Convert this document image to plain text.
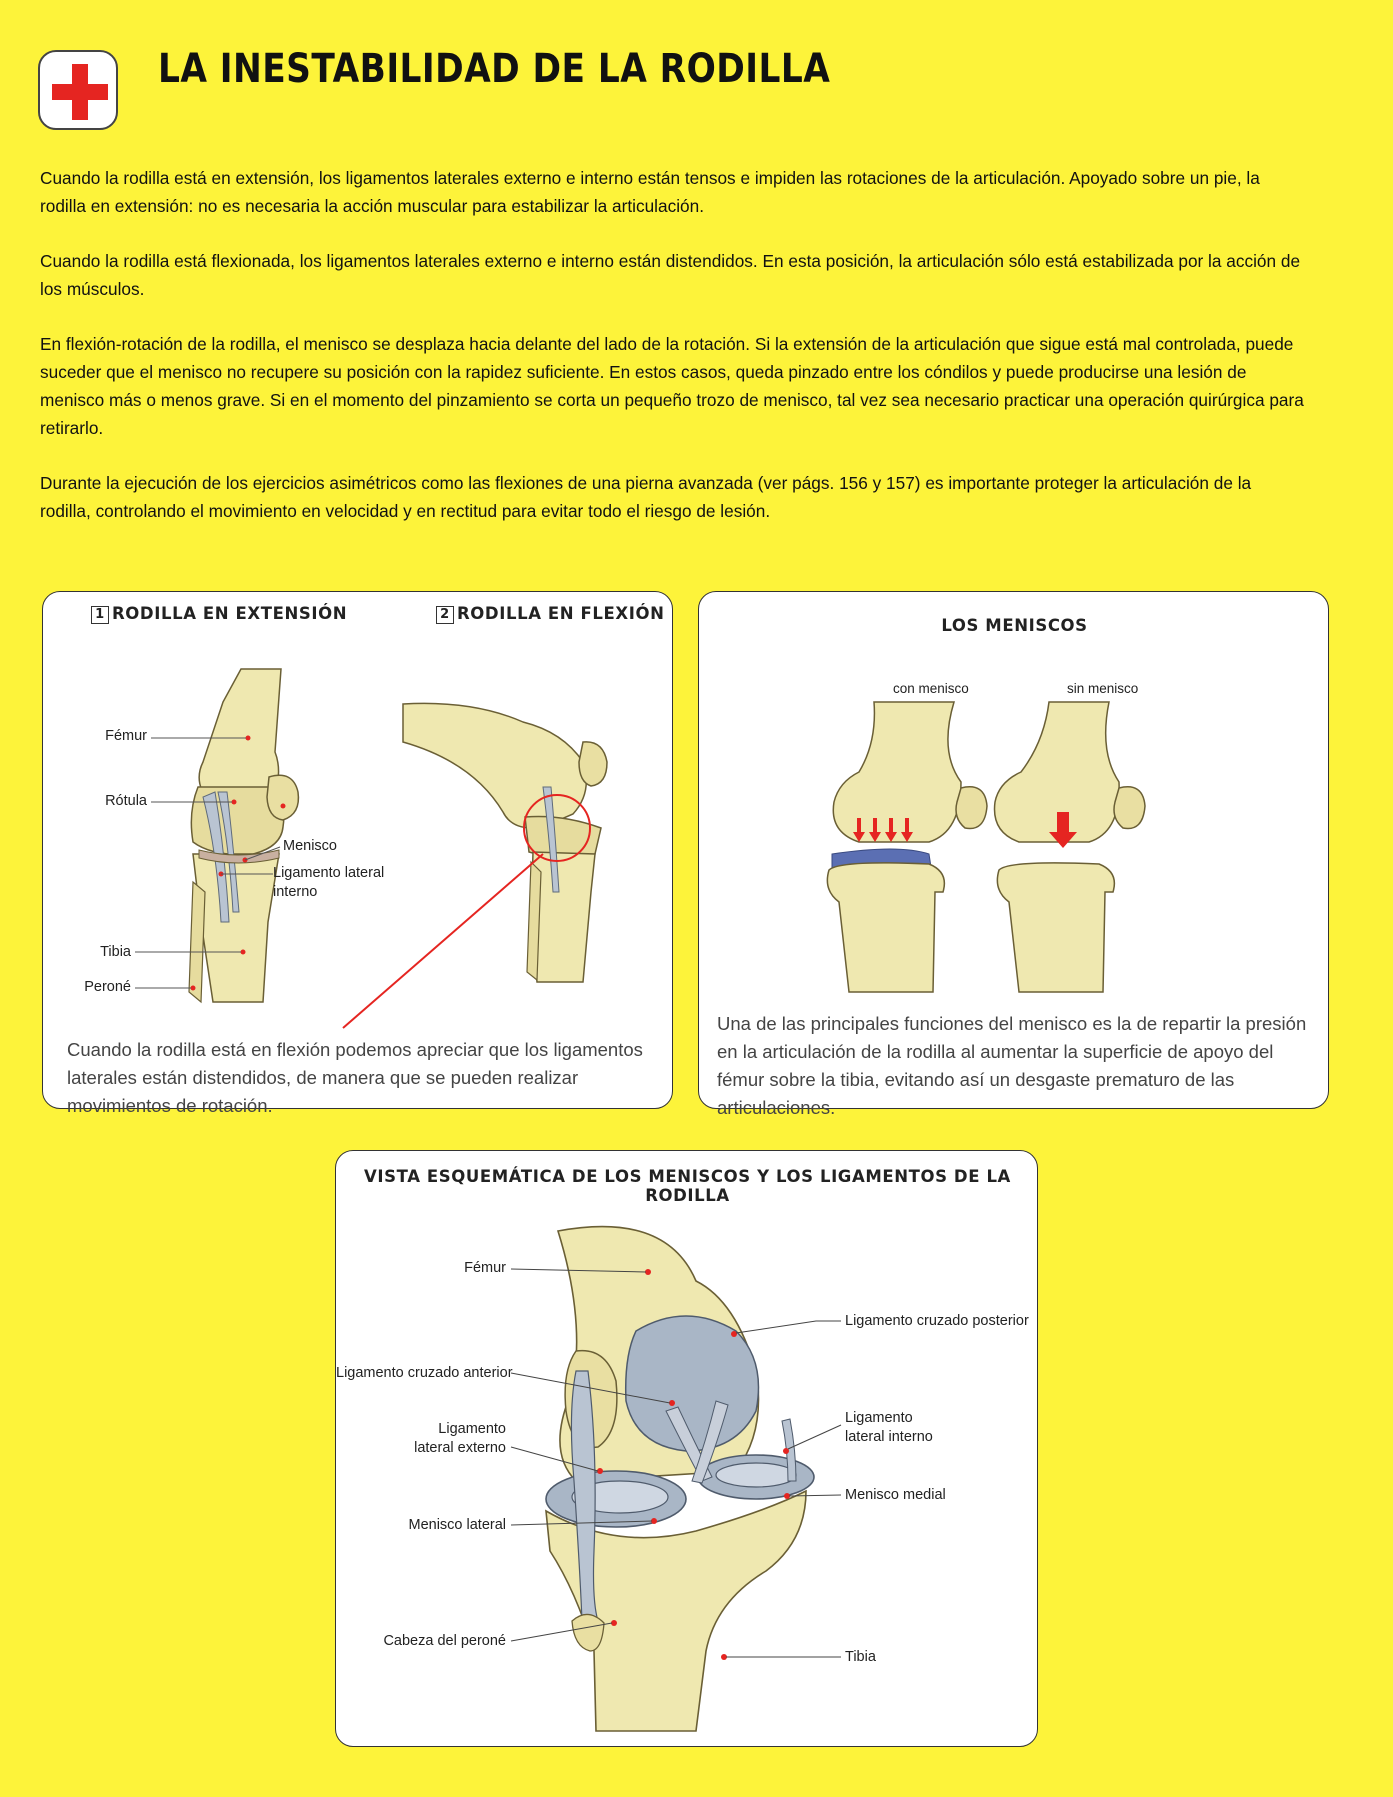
LA INESTABILIDAD DE LA RODILLA

Cuando la rodilla está en extensión, los ligamentos laterales externo e interno están tensos e impiden las rotaciones de la articulación. Apoyado sobre un pie, la rodilla en extensión: no es necesaria la acción muscular para estabilizar la articulación.

Cuando la rodilla está flexionada, los ligamentos laterales externo e interno están distendidos. En esta posición, la articulación sólo está estabilizada por la acción de los músculos.

En flexión-rotación de la rodilla, el menisco se desplaza hacia delante del lado de la rotación. Si la extensión de la articulación que sigue está mal controlada, puede suceder que el menisco no recupere su posición con la rapidez suficiente. En estos casos, queda pinzado entre los cóndilos y puede producirse una lesión de menisco más o menos grave. Si en el momento del pinzamiento se corta un pequeño trozo de menisco, tal vez sea necesario practicar una operación quirúrgica para retirarlo.

Durante la ejecución de los ejercicios asimétricos como las flexiones de una pierna avanzada (ver págs. 156 y 157) es importante proteger la articulación de la rodilla, controlando el movimiento en velocidad y en rectitud para evitar todo el riesgo de lesión.

1 RODILLA EN EXTENSIÓN	2 RODILLA EN FLEXIÓN
Fémur
Rótula
Menisco
Ligamento lateral
interno
Tibia
Peroné
Cuando la rodilla está en flexión podemos apreciar que los ligamentos laterales están distendidos, de manera que se pueden realizar movimientos de rotación.
LOS MENISCOS
con menisco	sin menisco
Una de las principales funciones del menisco es la de repartir la presión en la articulación de la rodilla al aumentar la superficie de apoyo del fémur sobre la tibia, evitando así un desgaste prematuro de las articulaciones.
VISTA ESQUEMÁTICA DE LOS MENISCOS Y LOS LIGAMENTOS DE LA RODILLA
Fémur
Ligamento cruzado posterior
Ligamento cruzado anterior
Ligamento
lateral externo
Ligamento
lateral interno
Menisco lateral
Menisco medial
Cabeza del peroné
Tibia
